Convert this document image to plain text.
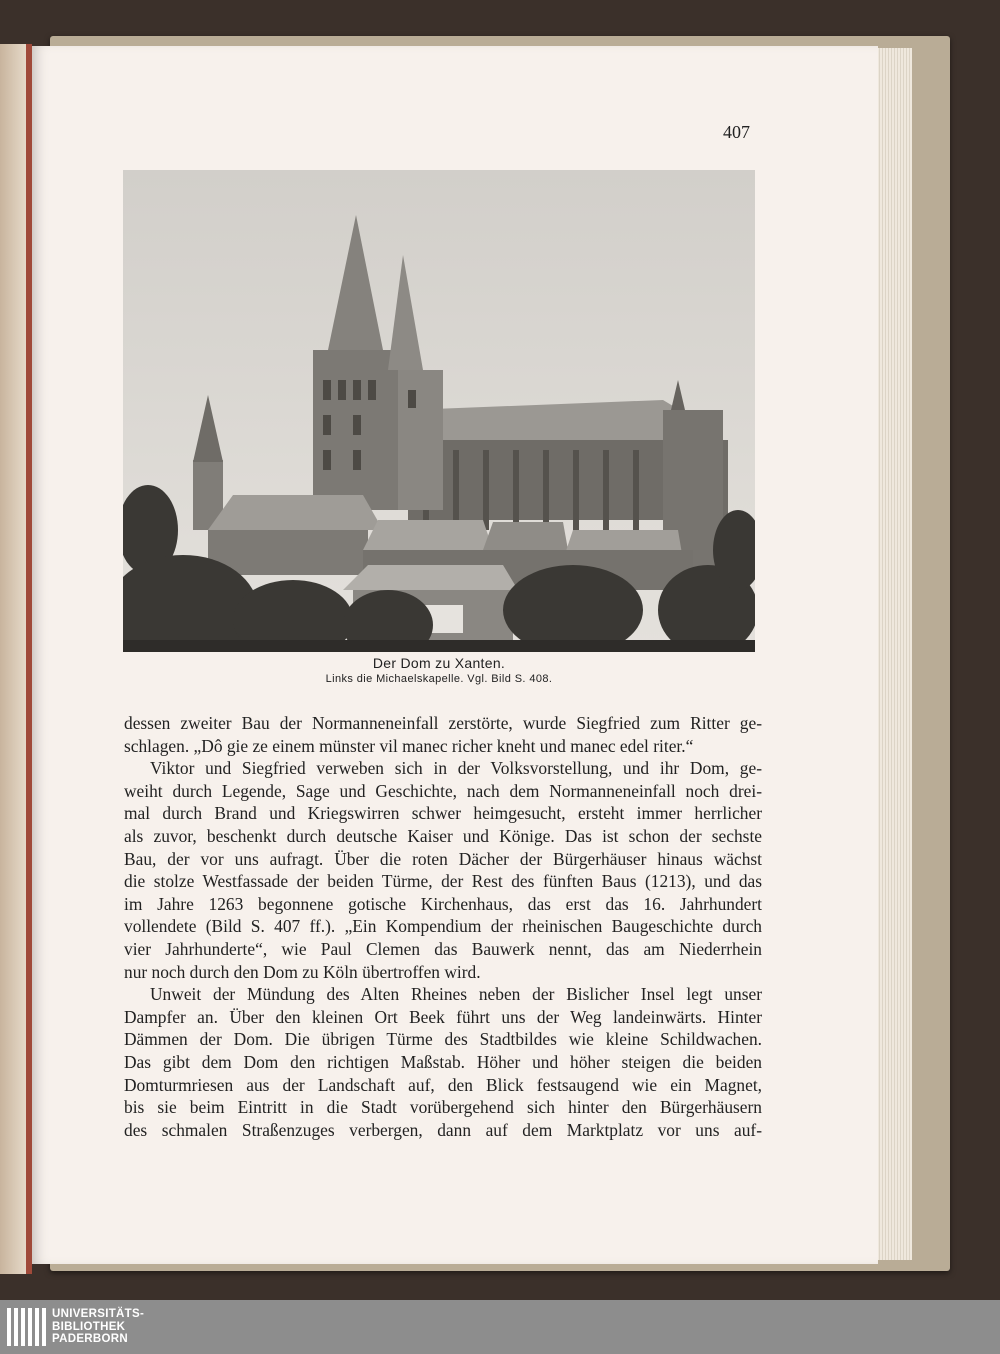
407
Der Dom zu Xanten.
Links die Michaelskapelle. Vgl. Bild S. 408.
dessen zweiter Bau der Normanneneinfall zerstörte, wurde Siegfried zum Ritter ge-
schlagen. „Dô gie ze einem münster vil manec richer kneht und manec edel riter.“
Viktor und Siegfried verweben sich in der Volksvorstellung, und ihr Dom, ge-
weiht durch Legende, Sage und Geschichte, nach dem Normanneneinfall noch drei-
mal durch Brand und Kriegswirren schwer heimgesucht, ersteht immer herrlicher
als zuvor, beschenkt durch deutsche Kaiser und Könige. Das ist schon der sechste
Bau, der vor uns aufragt. Über die roten Dächer der Bürgerhäuser hinaus wächst
die stolze Westfassade der beiden Türme, der Rest des fünften Baus (1213), und das
im Jahre 1263 begonnene gotische Kirchenhaus, das erst das 16. Jahrhundert
vollendete (Bild S. 407 ff.). „Ein Kompendium der rheinischen Baugeschichte durch
vier Jahrhunderte“, wie Paul Clemen das Bauwerk nennt, das am Niederrhein
nur noch durch den Dom zu Köln übertroffen wird.
Unweit der Mündung des Alten Rheines neben der Bislicher Insel legt unser
Dampfer an. Über den kleinen Ort Beek führt uns der Weg landeinwärts. Hinter
Dämmen der Dom. Die übrigen Türme des Stadtbildes wie kleine Schildwachen.
Das gibt dem Dom den richtigen Maßstab. Höher und höher steigen die beiden
Domturmriesen aus der Landschaft auf, den Blick festsaugend wie ein Magnet,
bis sie beim Eintritt in die Stadt vorübergehend sich hinter den Bürgerhäusern
des schmalen Straßenzuges verbergen, dann auf dem Marktplatz vor uns auf-
UNIVERSITÄTS-
BIBLIOTHEK
PADERBORN
